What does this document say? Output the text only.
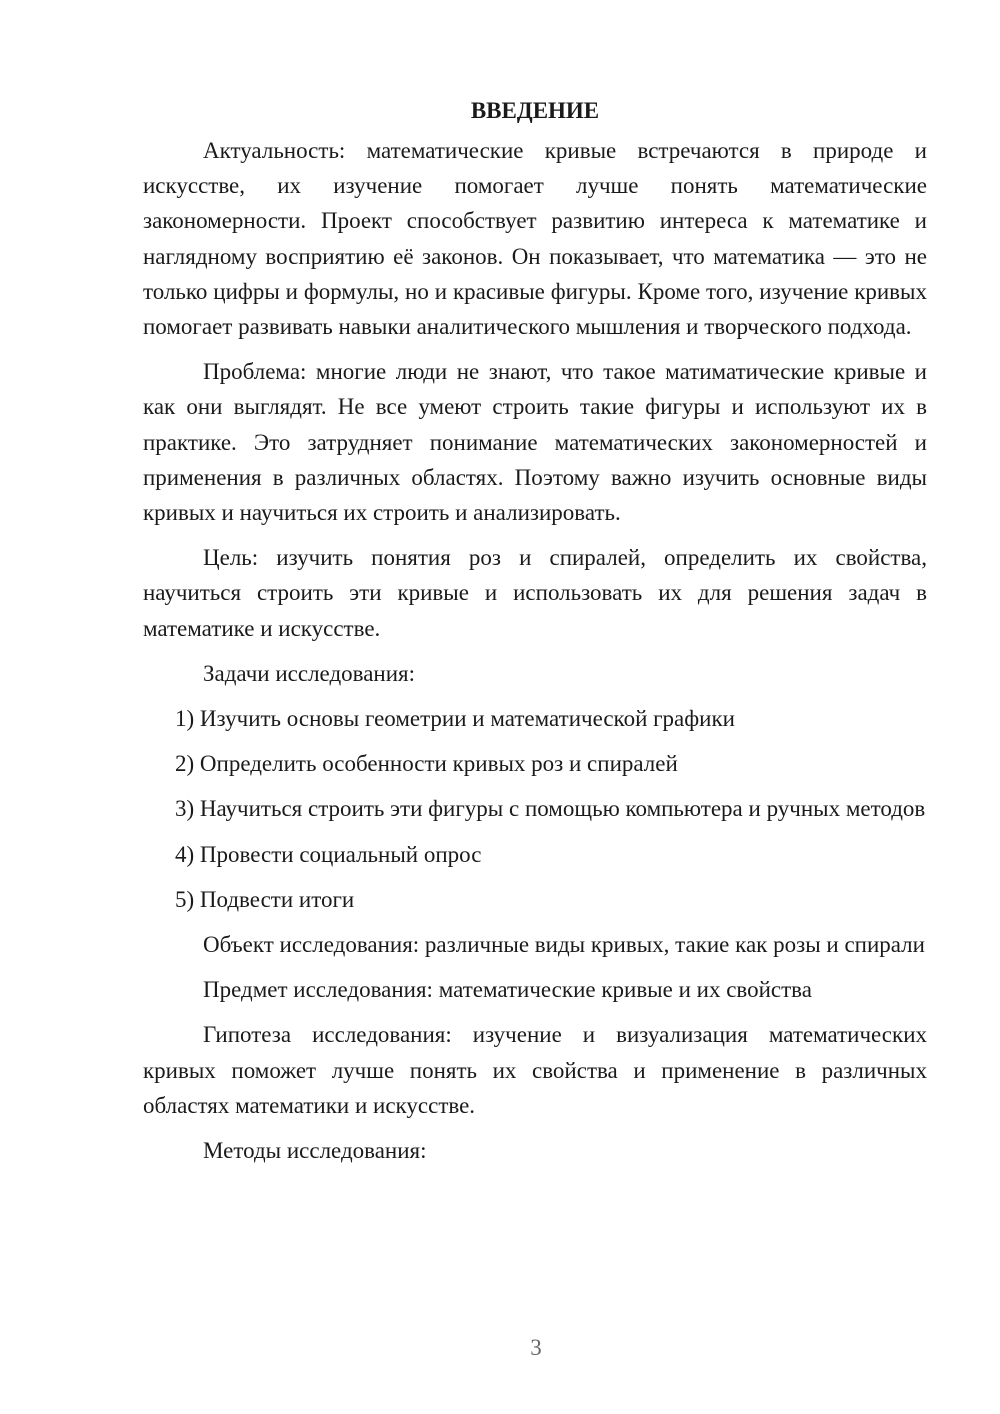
ВВЕДЕНИЕ

Актуальность: математические кривые встречаются в природе и искусстве, их изучение помогает лучше понять математические закономерности. Проект способствует развитию интереса к математике и наглядному восприятию её законов. Он показывает, что математика — это не только цифры и формулы, но и красивые фигуры. Кроме того, изучение кривых помогает развивать навыки аналитического мышления и творческого подхода.

Проблема: многие люди не знают, что такое матиматические кривые и как они выглядят. Не все умеют строить такие фигуры и используют их в практике. Это затрудняет понимание математических закономерностей и применения в различных областях. Поэтому важно изучить основные виды кривых и научиться их строить и анализировать.

Цель: изучить понятия роз и спиралей, определить их свойства, научиться строить эти кривые и использовать их для решения задач в математике и искусстве.

Задачи исследования:

1) Изучить основы геометрии и математической графики

2) Определить особенности кривых роз и спиралей

3) Научиться строить эти фигуры с помощью компьютера и ручных методов

4) Провести социальный опрос

5) Подвести итоги

Объект исследования: различные виды кривых, такие как розы и спирали

Предмет исследования: математические кривые и их свойства

Гипотеза исследования: изучение и визуализация математических кривых поможет лучше понять их свойства и применение в различных областях математики и искусстве.

Методы исследования:

3
